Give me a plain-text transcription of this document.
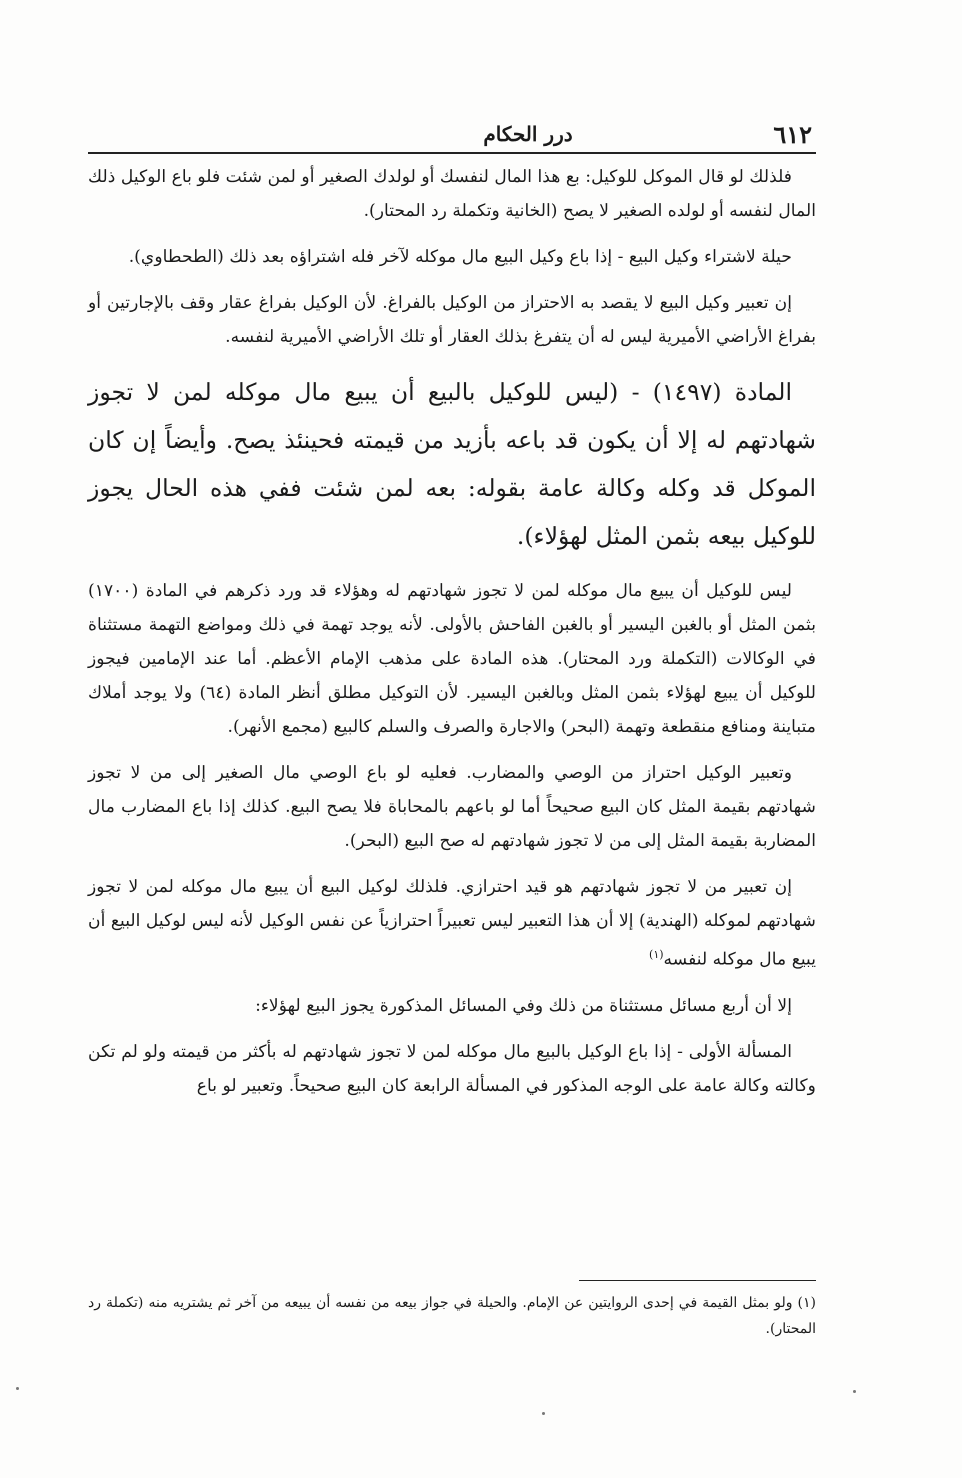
٦١٢
درر الحكام

فلذلك لو قال الموكل للوكيل: بع هذا المال لنفسك أو لولدك الصغير أو لمن شئت فلو باع الوكيل ذلك المال لنفسه أو لولده الصغير لا يصح (الخانية وتكملة رد المحتار).

حيلة لاشتراء وكيل البيع - إذا باع وكيل البيع مال موكله لآخر فله اشتراؤه بعد ذلك (الطحطاوي).

إن تعبير وكيل البيع لا يقصد به الاحتراز من الوكيل بالفراغ. لأن الوكيل بفراغ عقار وقف بالإجارتين أو بفراغ الأراضي الأميرية ليس له أن يتفرغ بذلك العقار أو تلك الأراضي الأميرية لنفسه.

المادة (١٤٩٧) - (ليس للوكيل بالبيع أن يبيع مال موكله لمن لا تجوز شهادتهم له إلا أن يكون قد باعه بأزيد من قيمته فحينئذ يصح. وأيضاً إن كان الموكل قد وكله وكالة عامة بقوله: بعه لمن شئت ففي هذه الحال يجوز للوكيل بيعه بثمن المثل لهؤلاء).

ليس للوكيل أن يبيع مال موكله لمن لا تجوز شهادتهم له وهؤلاء قد ورد ذكرهم في المادة (١٧٠٠) بثمن المثل أو بالغبن اليسير أو بالغبن الفاحش بالأولى. لأنه يوجد تهمة في ذلك ومواضع التهمة مستثناة في الوكالات (التكملة ورد المحتار). هذه المادة على مذهب الإمام الأعظم. أما عند الإمامين فيجوز للوكيل أن يبيع لهؤلاء بثمن المثل وبالغبن اليسير. لأن التوكيل مطلق أنظر المادة (٦٤) ولا يوجد أملاك متباينة ومنافع منقطعة وتهمة (البحر) والاجارة والصرف والسلم كالبيع (مجمع الأنهر).

وتعبير الوكيل احتراز من الوصي والمضارب. فعليه لو باع الوصي مال الصغير إلى من لا تجوز شهادتهم بقيمة المثل كان البيع صحيحاً أما لو باعهم بالمحاباة فلا يصح البيع. كذلك إذا باع المضارب مال المضاربة بقيمة المثل إلى من لا تجوز شهادتهم له صح البيع (البحر).

إن تعبير من لا تجوز شهادتهم هو قيد احترازي. فلذلك لوكيل البيع أن يبيع مال موكله لمن لا تجوز شهادتهم لموكله (الهندية) إلا أن هذا التعبير ليس تعبيراً احترازياً عن نفس الوكيل لأنه ليس لوكيل البيع أن يبيع مال موكله لنفسه$^{(١)}$

إلا أن أربع مسائل مستثناة من ذلك وفي المسائل المذكورة يجوز البيع لهؤلاء:

المسألة الأولى - إذا باع الوكيل بالبيع مال موكله لمن لا تجوز شهادتهم له بأكثر من قيمته ولو لم تكن وكالته وكالة عامة على الوجه المذكور في المسألة الرابعة كان البيع صحيحاً. وتعبير لو باع

(١) ولو بمثل القيمة في إحدى الروايتين عن الإمام. والحيلة في جواز بيعه من نفسه أن يبيعه من آخر ثم يشتريه منه (تكملة رد المحتار).
